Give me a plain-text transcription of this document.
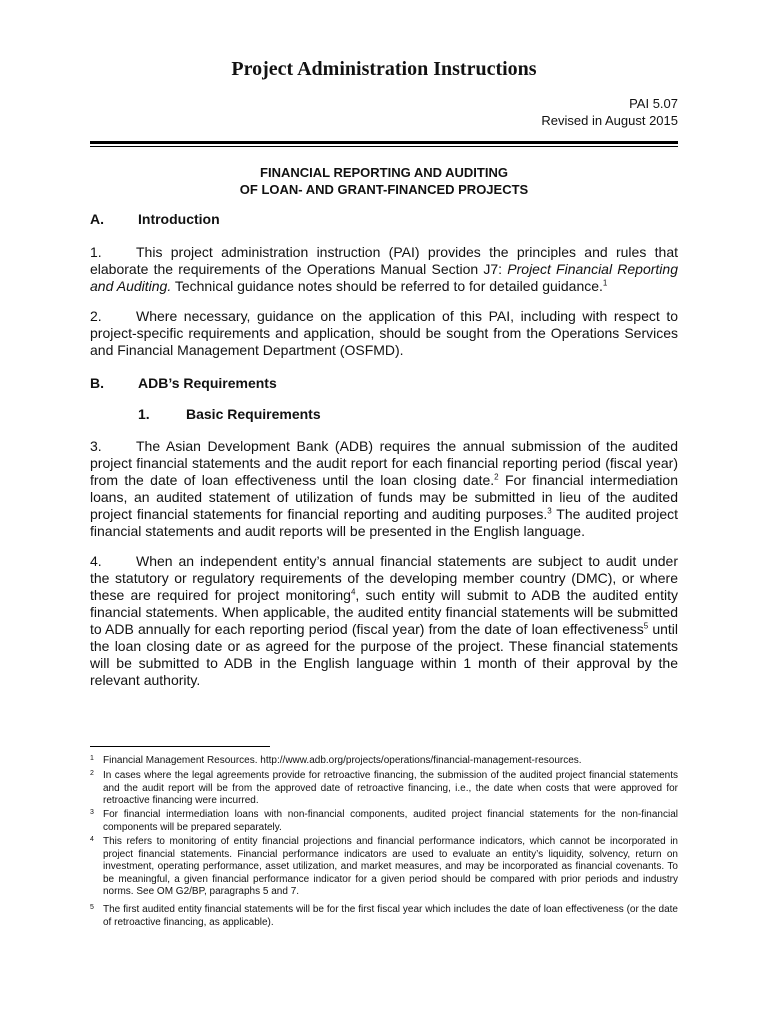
Project Administration Instructions
PAI 5.07
Revised in August 2015
FINANCIAL REPORTING AND AUDITING
OF LOAN- AND GRANT-FINANCED PROJECTS
A. Introduction
1. This project administration instruction (PAI) provides the principles and rules that elaborate the requirements of the Operations Manual Section J7: Project Financial Reporting and Auditing. Technical guidance notes should be referred to for detailed guidance.$^1$
2. Where necessary, guidance on the application of this PAI, including with respect to project-specific requirements and application, should be sought from the Operations Services and Financial Management Department (OSFMD).
B. ADB’s Requirements
1.	Basic Requirements
3. The Asian Development Bank (ADB) requires the annual submission of the audited project financial statements and the audit report for each financial reporting period (fiscal year) from the date of loan effectiveness until the loan closing date.$^2$ For financial intermediation loans, an audited statement of utilization of funds may be submitted in lieu of the audited project financial statements for financial reporting and auditing purposes.$^3$ The audited project financial statements and audit reports will be presented in the English language.
4. When an independent entity’s annual financial statements are subject to audit under the statutory or regulatory requirements of the developing member country (DMC), or where these are required for project monitoring$^4$, such entity will submit to ADB the audited entity financial statements. When applicable, the audited entity financial statements will be submitted to ADB annually for each reporting period (fiscal year) from the date of loan effectiveness$^5$ until the loan closing date or as agreed for the purpose of the project. These financial statements will be submitted to ADB in the English language within 1 month of their approval by the relevant authority.
1 Financial Management Resources. http://www.adb.org/projects/operations/financial-management-resources.
2 In cases where the legal agreements provide for retroactive financing, the submission of the audited project financial statements and the audit report will be from the approved date of retroactive financing, i.e., the date when costs that were approved for retroactive financing were incurred.
3 For financial intermediation loans with non-financial components, audited project financial statements for the non-financial components will be prepared separately.
4 This refers to monitoring of entity financial projections and financial performance indicators, which cannot be incorporated in project financial statements. Financial performance indicators are used to evaluate an entity’s liquidity, solvency, return on investment, operating performance, asset utilization, and market measures, and may be incorporated as financial covenants. To be meaningful, a given financial performance indicator for a given period should be compared with prior periods and industry norms. See OM G2/BP, paragraphs 5 and 7.
5 The first audited entity financial statements will be for the first fiscal year which includes the date of loan effectiveness (or the date of retroactive financing, as applicable).
